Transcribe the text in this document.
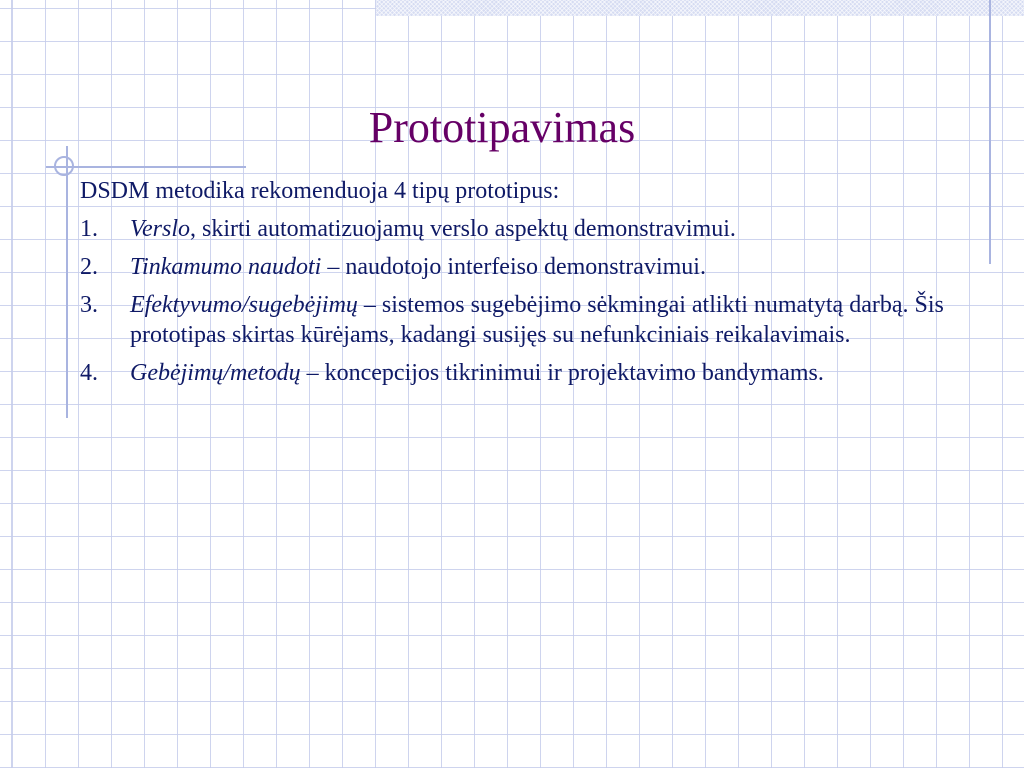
Prototipavimas

DSDM metodika rekomenduoja 4 tipų prototipus:

1. Verslo, skirti automatizuojamų verslo aspektų demonstravimui.
2. Tinkamumo naudoti – naudotojo interfeiso demonstravimui.
3. Efektyvumo/sugebėjimų – sistemos sugebėjimo sėkmingai atlikti numatytą darbą. Šis prototipas skirtas kūrėjams, kadangi susijęs su nefunkciniais reikalavimais.
4. Gebėjimų/metodų – koncepcijos tikrinimui ir projektavimo bandymams.
